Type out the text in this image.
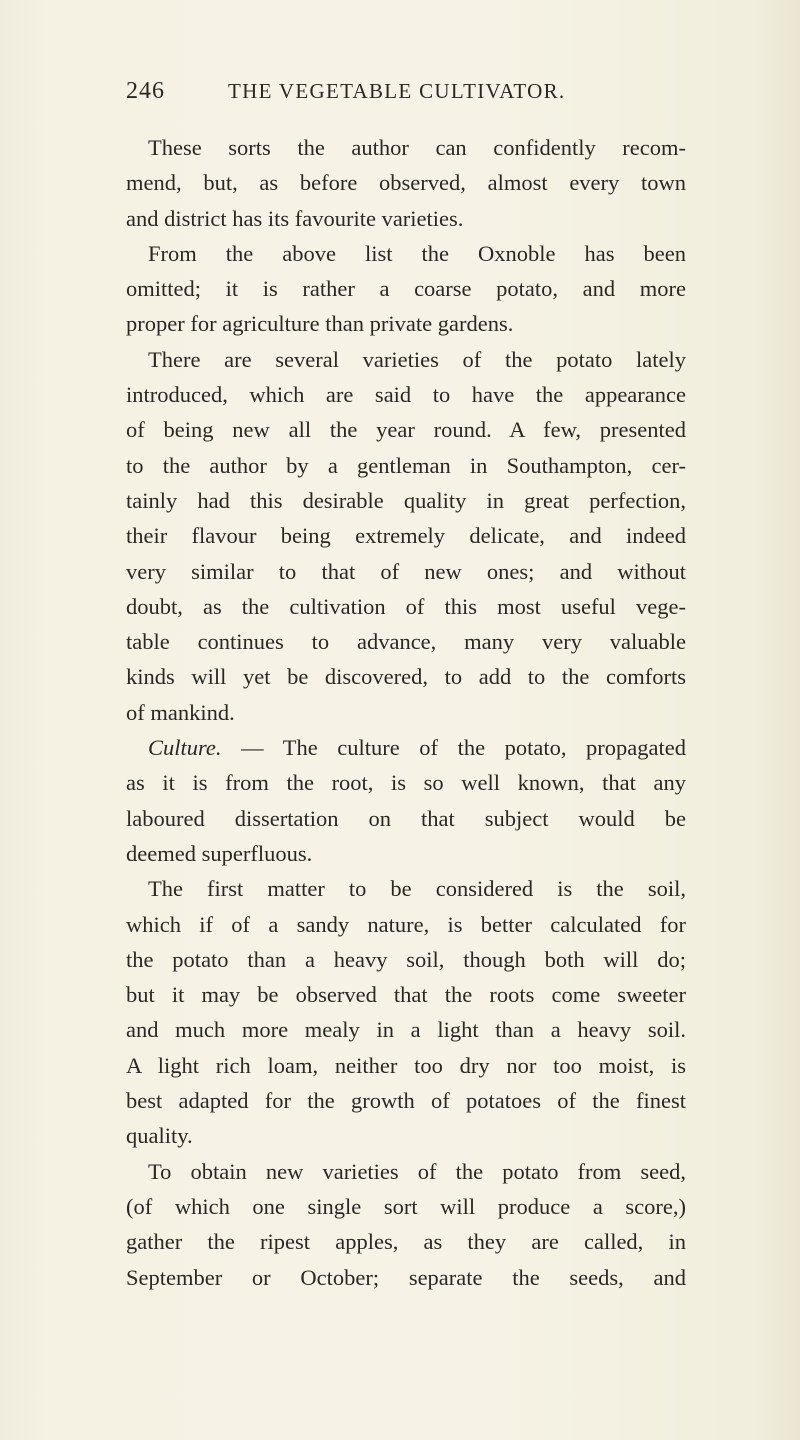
246	THE VEGETABLE CULTIVATOR.
These sorts the author can confidently recom-
mend, but, as before observed, almost every town
and district has its favourite varieties.
From the above list the Oxnoble has been
omitted; it is rather a coarse potato, and more
proper for agriculture than private gardens.
There are several varieties of the potato lately
introduced, which are said to have the appearance
of being new all the year round. A few, presented
to the author by a gentleman in Southampton, cer-
tainly had this desirable quality in great perfection,
their flavour being extremely delicate, and indeed
very similar to that of new ones; and without
doubt, as the cultivation of this most useful vege-
table continues to advance, many very valuable
kinds will yet be discovered, to add to the comforts
of mankind.
Culture. — The culture of the potato, propagated
as it is from the root, is so well known, that any
laboured dissertation on that subject would be
deemed superfluous.
The first matter to be considered is the soil,
which if of a sandy nature, is better calculated for
the potato than a heavy soil, though both will do;
but it may be observed that the roots come sweeter
and much more mealy in a light than a heavy soil.
A light rich loam, neither too dry nor too moist, is
best adapted for the growth of potatoes of the finest
quality.
To obtain new varieties of the potato from seed,
(of which one single sort will produce a score,)
gather the ripest apples, as they are called, in
September or October; separate the seeds, and
